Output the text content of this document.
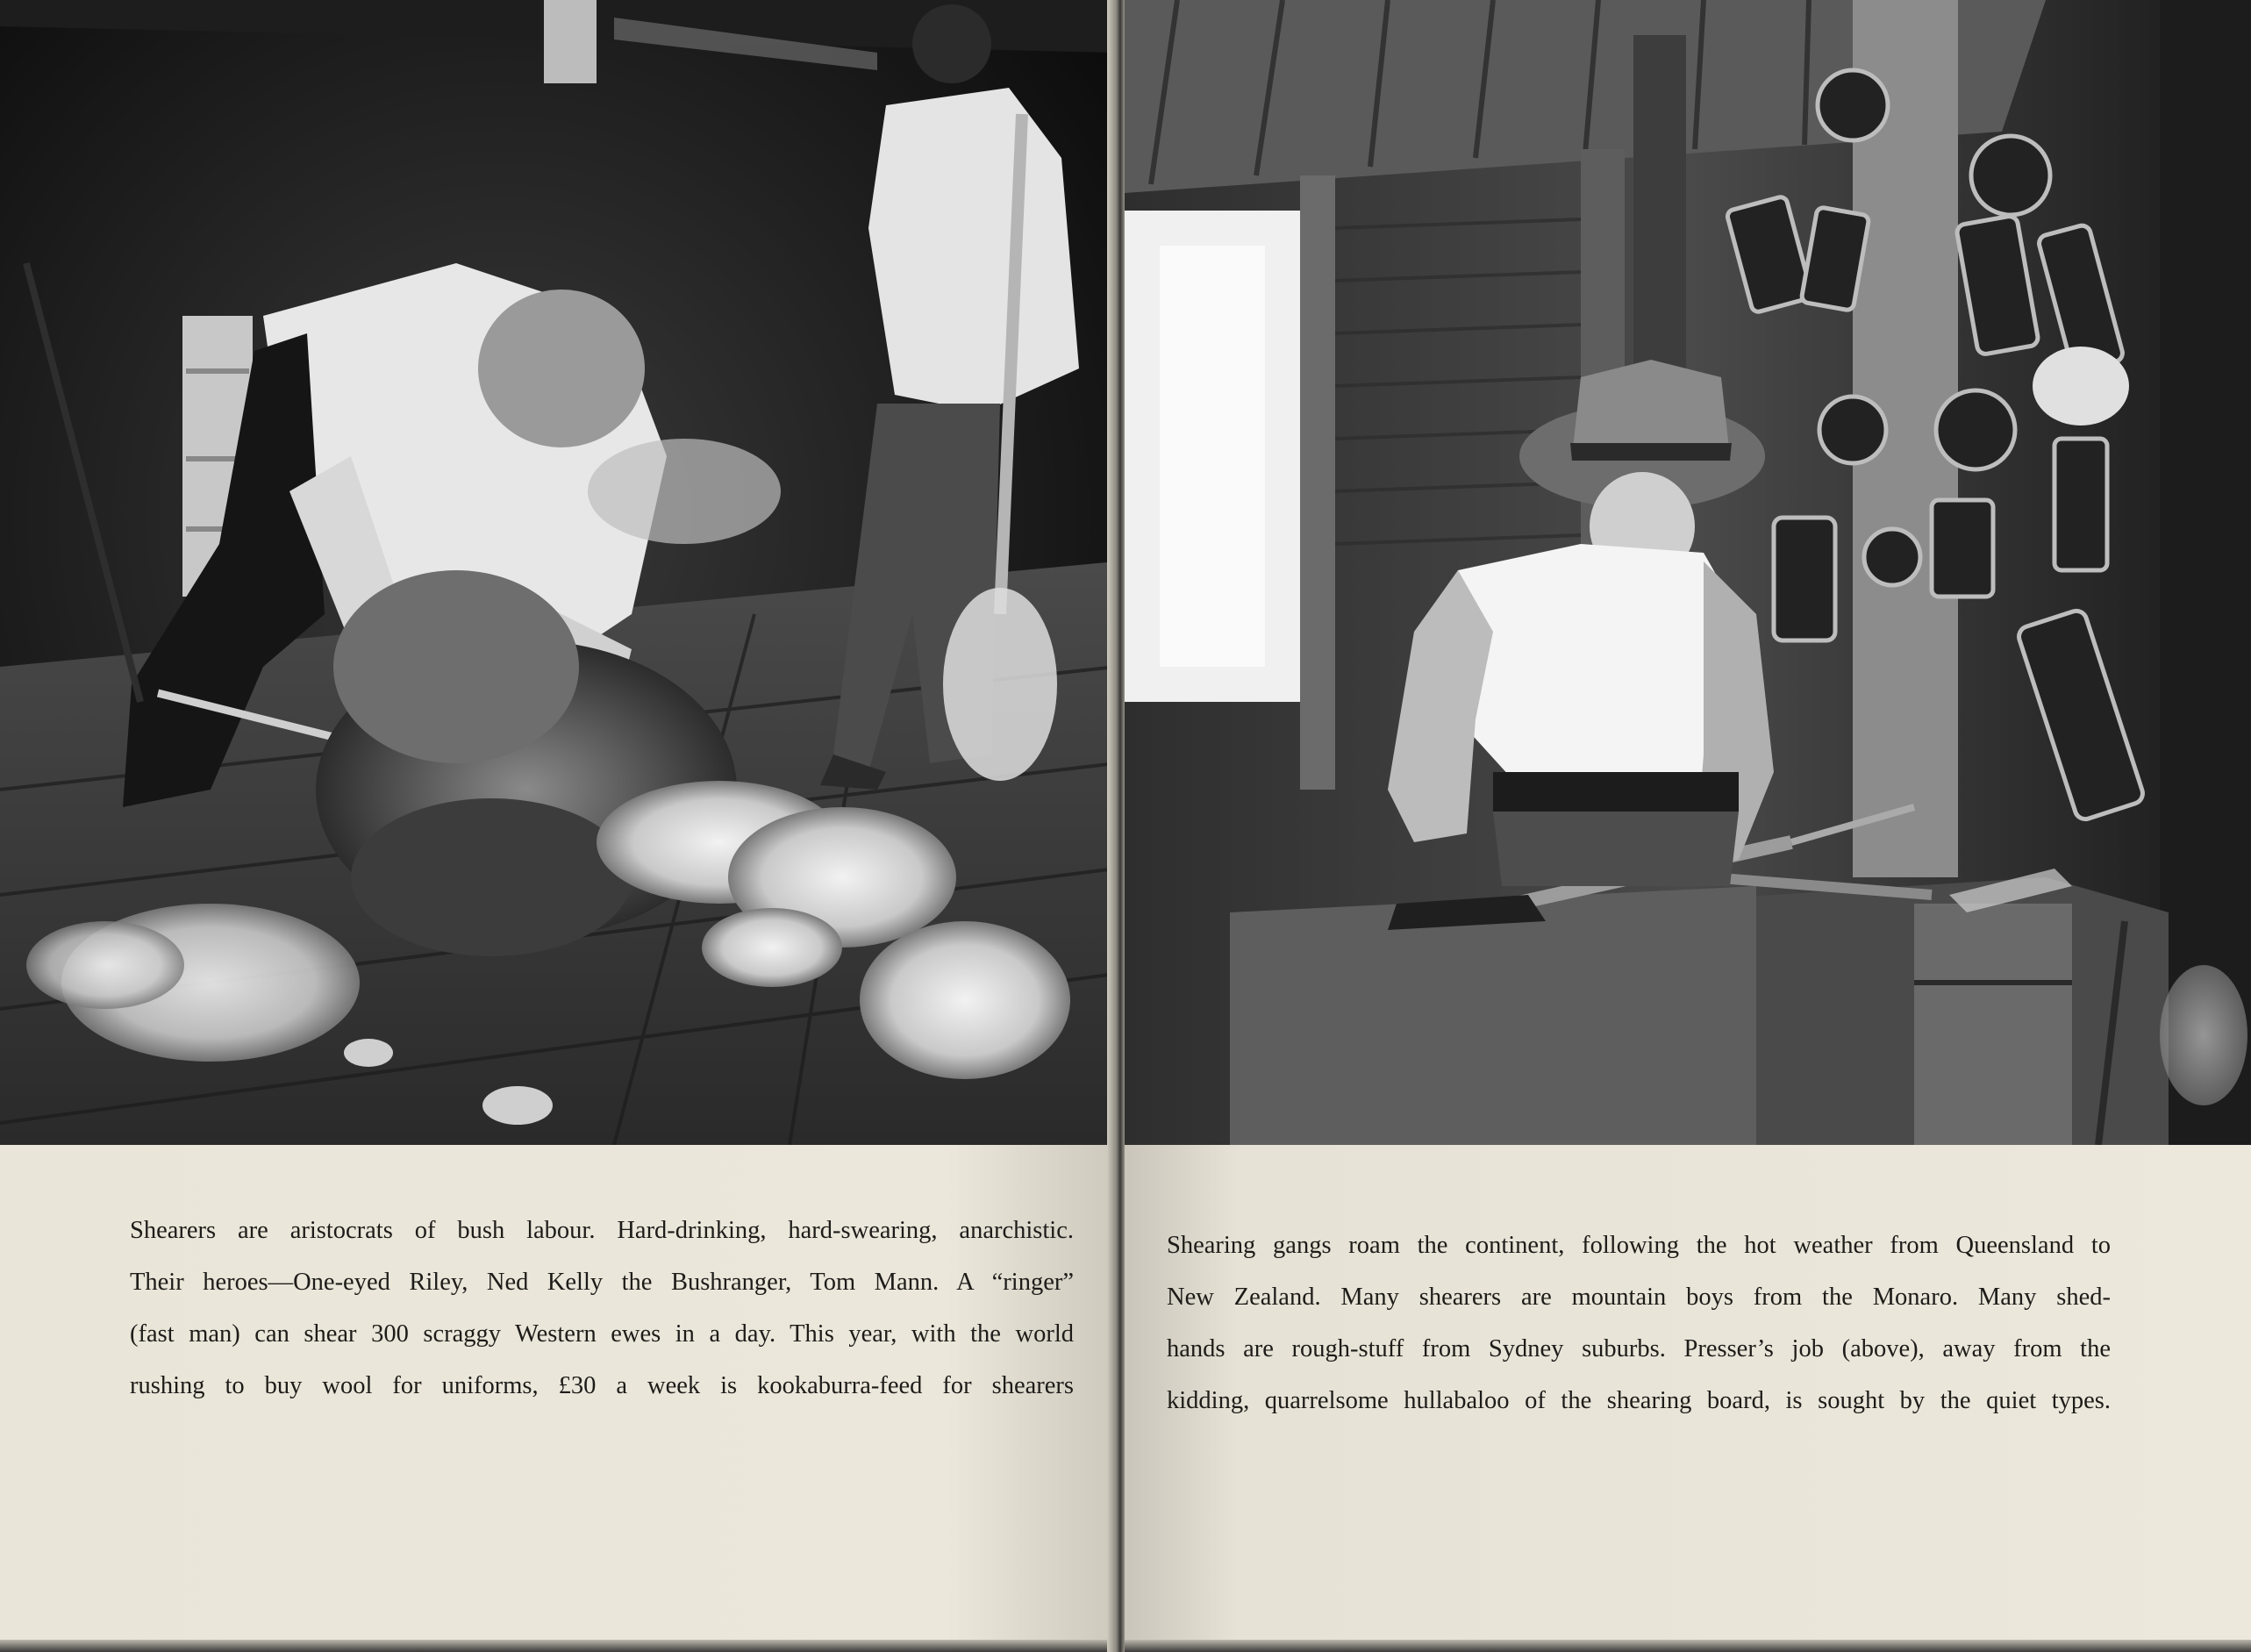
Shearers are aristocrats of bush labour. Hard-drinking, hard-swearing, anarchistic.
Their heroes—One-eyed Riley, Ned Kelly the Bushranger, Tom Mann. A “ringer”
(fast man) can shear 300 scraggy Western ewes in a day. This year, with the world
rushing to buy wool for uniforms, £30 a week is kookaburra-feed for shearers
Shearing gangs roam the continent, following the hot weather from Queensland to
New Zealand. Many shearers are mountain boys from the Monaro. Many shed-
hands are rough-stuff from Sydney suburbs. Presser’s job (above), away from the
kidding, quarrelsome hullabaloo of the shearing board, is sought by the quiet types.
